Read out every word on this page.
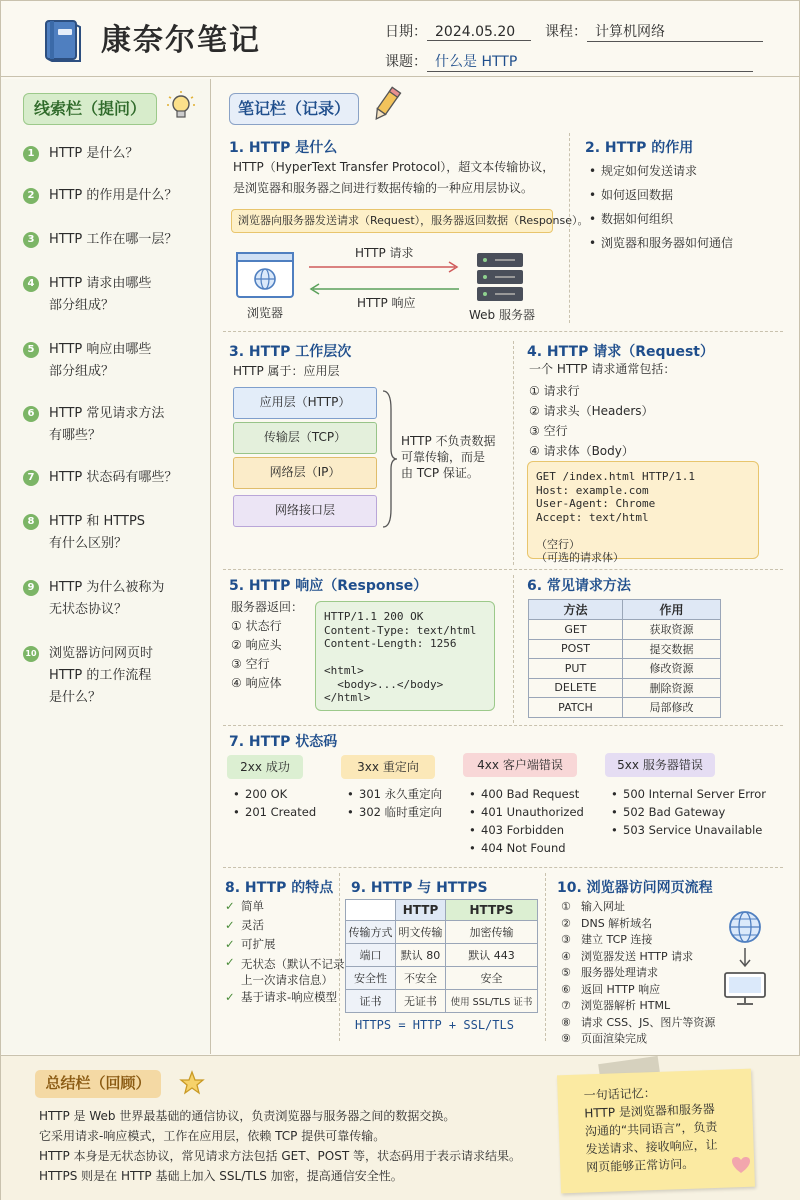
康奈尔笔记	日期： 2024.05.20	课程： 计算机网络
课题： 什么是 HTTP
线索栏（提问）
1	HTTP 是什么？
2	HTTP 的作用是什么？
3	HTTP 工作在哪一层？
4	HTTP 请求由哪些
部分组成？
5	HTTP 响应由哪些
部分组成？
6	HTTP 常见请求方法
有哪些？
7	HTTP 状态码有哪些？
8	HTTP 和 HTTPS
有什么区别？
9	HTTP 为什么被称为
无状态协议？
10 浏览器访问网页时
HTTP 的工作流程
是什么？
笔记栏（记录）
1. HTTP 是什么
HTTP（HyperText Transfer Protocol），超文本传输协议，
是浏览器和服务器之间进行数据传输的一种应用层协议。
浏览器向服务器发送请求（Request），服务器返回数据（Response）。
浏览器
HTTP 请求
HTTP 响应
Web 服务器
2. HTTP 的作用
• 规定如何发送请求
• 如何返回数据
• 数据如何组织
• 浏览器和服务器如何通信
3. HTTP 工作层次
HTTP 属于：应用层
应用层（HTTP）
传输层（TCP）
网络层（IP）
网络接口层
HTTP 不负责数据
可靠传输，而是
由 TCP 保证。
4. HTTP 请求（Request）
一个 HTTP 请求通常包括：
① 请求行
② 请求头（Headers）
③ 空行
④ 请求体（Body）
GET /index.html HTTP/1.1
Host: example.com
User-Agent: Chrome
Accept: text/html

（空行）
（可选的请求体）
5. HTTP 响应（Response）
服务器返回：
① 状态行
② 响应头
③ 空行
④ 响应体
HTTP/1.1 200 OK
Content-Type: text/html
Content-Length: 1256

<html>
<body>...</body>
</html>
6. 常见请求方法
方法	作用
GET	获取资源
POST	提交数据
PUT	修改资源
DELETE	删除资源
PATCH	局部修改
7. HTTP 状态码
2xx 成功	3xx 重定向	4xx 客户端错误	5xx 服务器错误
• 200 OK
• 201 Created
• 301 永久重定向
• 302 临时重定向
• 400 Bad Request
• 401 Unauthorized
• 403 Forbidden
• 404 Not Found
• 500 Internal Server Error
• 502 Bad Gateway
• 503 Service Unavailable
8. HTTP 的特点
✓ 简单
✓ 灵活
✓ 可扩展
✓ 无状态（默认不记录
上一次请求信息）
✓ 基于请求-响应模型
9. HTTP 与 HTTPS
	HTTP	HTTPS
传输方式	明文传输	加密传输
端口	默认 80	默认 443
安全性	不安全	安全
证书	无证书	使用 SSL/TLS 证书
HTTPS = HTTP + SSL/TLS
10. 浏览器访问网页流程
① 输入网址
② DNS 解析域名
③ 建立 TCP 连接
④ 浏览器发送 HTTP 请求
⑤ 服务器处理请求
⑥ 返回 HTTP 响应
⑦ 浏览器解析 HTML
⑧ 请求 CSS、JS、图片等资源
⑨ 页面渲染完成
总结栏（回顾）
HTTP 是 Web 世界最基础的通信协议，负责浏览器与服务器之间的数据交换。
它采用请求-响应模式，工作在应用层，依赖 TCP 提供可靠传输。
HTTP 本身是无状态协议，常见请求方法包括 GET、POST 等，状态码用于表示请求结果。
HTTPS 则是在 HTTP 基础上加入 SSL/TLS 加密，提高通信安全性。
一句话记忆：
HTTP 是浏览器和服务器
沟通的“共同语言”，负责
发送请求、接收响应，让
网页能够正常访问。
